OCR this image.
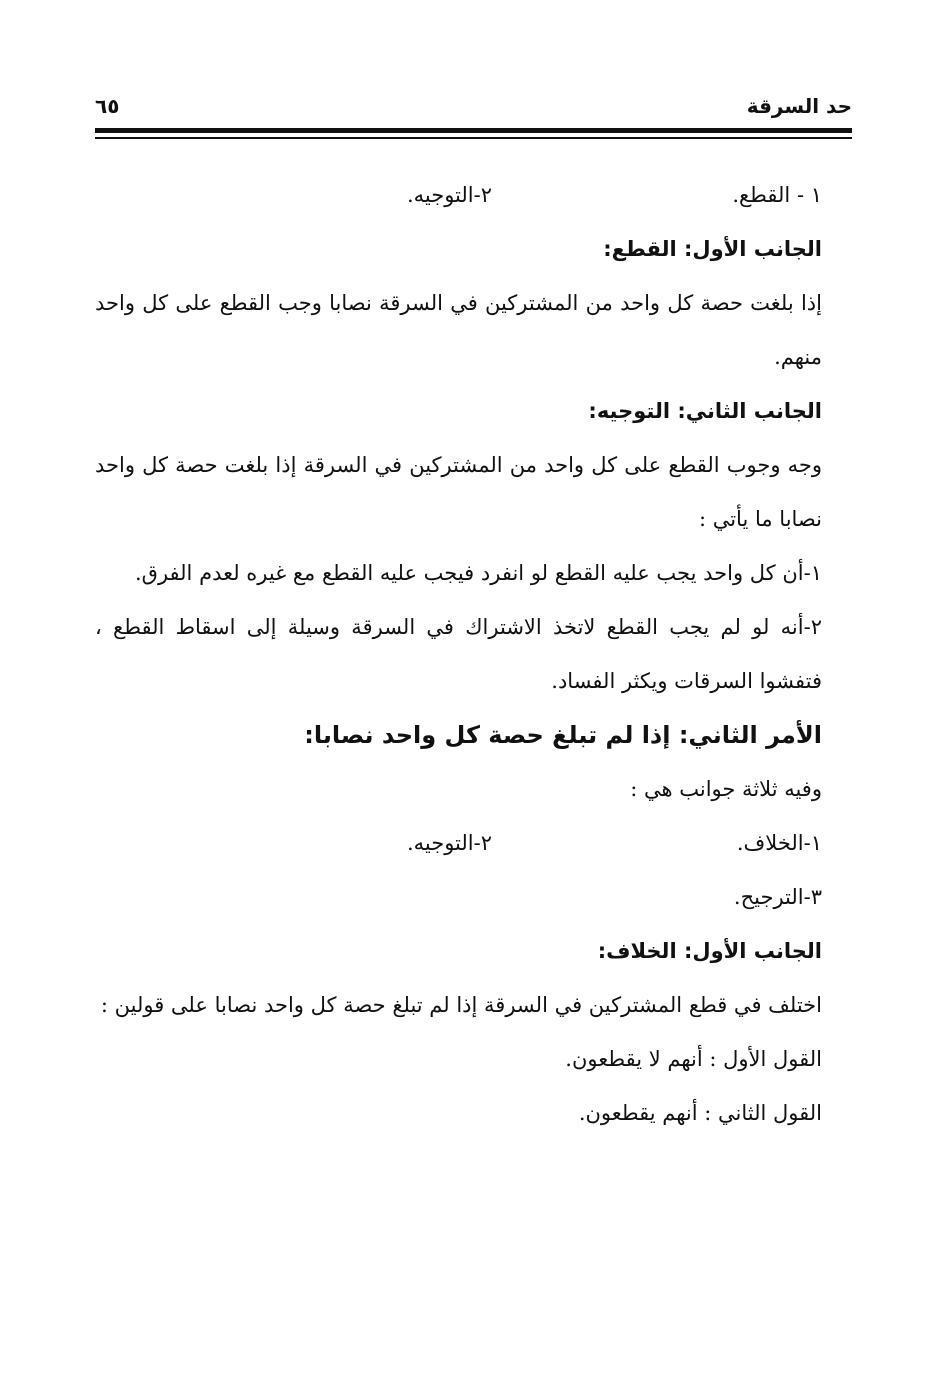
حد السرقة
٦٥
١ - القطع.
٢-التوجيه.

الجانب الأول: القطع:

إذا بلغت حصة كل واحد من المشتركين في السرقة نصابا وجب القطع على كل واحد منهم.

الجانب الثاني: التوجيه:

وجه وجوب القطع على كل واحد من المشتركين في السرقة إذا بلغت حصة كل واحد نصابا ما يأتي :

١-أن كل واحد يجب عليه القطع لو انفرد فيجب عليه القطع مع غيره لعدم الفرق.

٢-أنه لو لم يجب القطع لاتخذ الاشتراك في السرقة وسيلة إلى اسقاط القطع ، فتفشوا السرقات ويكثر الفساد.

الأمر الثاني: إذا لم تبلغ حصة كل واحد نصابا:

وفيه ثلاثة جوانب هي :

١-الخلاف.
٢-التوجيه.

٣-الترجيح.

الجانب الأول: الخلاف:

اختلف في قطع المشتركين في السرقة إذا لم تبلغ حصة كل واحد نصابا على قولين :

القول الأول : أنهم لا يقطعون.

القول الثاني : أنهم يقطعون.
